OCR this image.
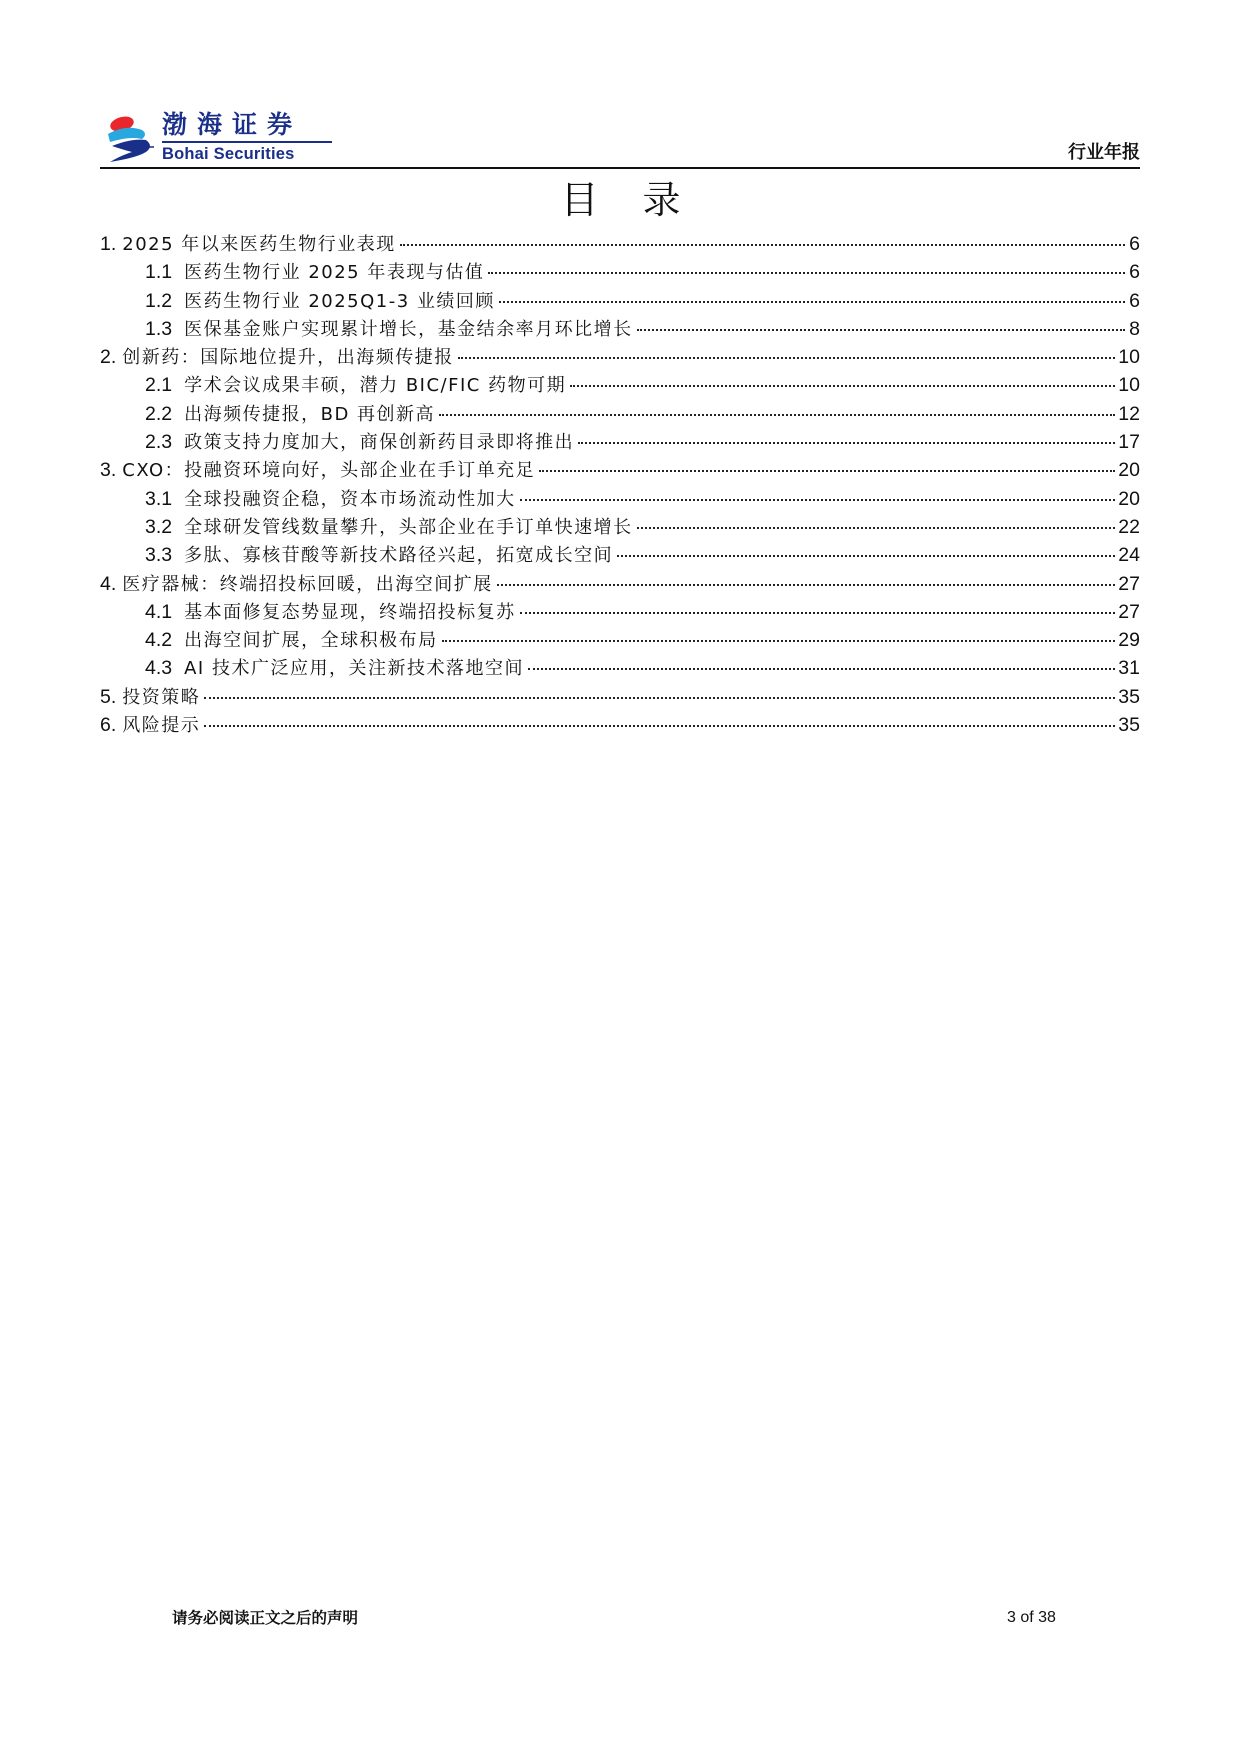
渤海证券
Bohai Securities	行业年报
目录
1. 2025 年以来医药生物行业表现	6
1.1 医药生物行业 2025 年表现与估值	6
1.2 医药生物行业 2025Q1-3 业绩回顾	6
1.3 医保基金账户实现累计增长，基金结余率月环比增长	8
2. 创新药：国际地位提升，出海频传捷报	10
2.1 学术会议成果丰硕，潜力 BIC/FIC 药物可期	10
2.2 出海频传捷报，BD 再创新高	12
2.3 政策支持力度加大，商保创新药目录即将推出	17
3. CXO：投融资环境向好，头部企业在手订单充足	20
3.1 全球投融资企稳，资本市场流动性加大	20
3.2 全球研发管线数量攀升，头部企业在手订单快速增长	22
3.3 多肽、寡核苷酸等新技术路径兴起，拓宽成长空间	24
4. 医疗器械：终端招投标回暖，出海空间扩展	27
4.1 基本面修复态势显现，终端招投标复苏	27
4.2 出海空间扩展，全球积极布局	29
4.3 AI 技术广泛应用，关注新技术落地空间	31
5. 投资策略	35
6. 风险提示	35
请务必阅读正文之后的声明	3 of 38
